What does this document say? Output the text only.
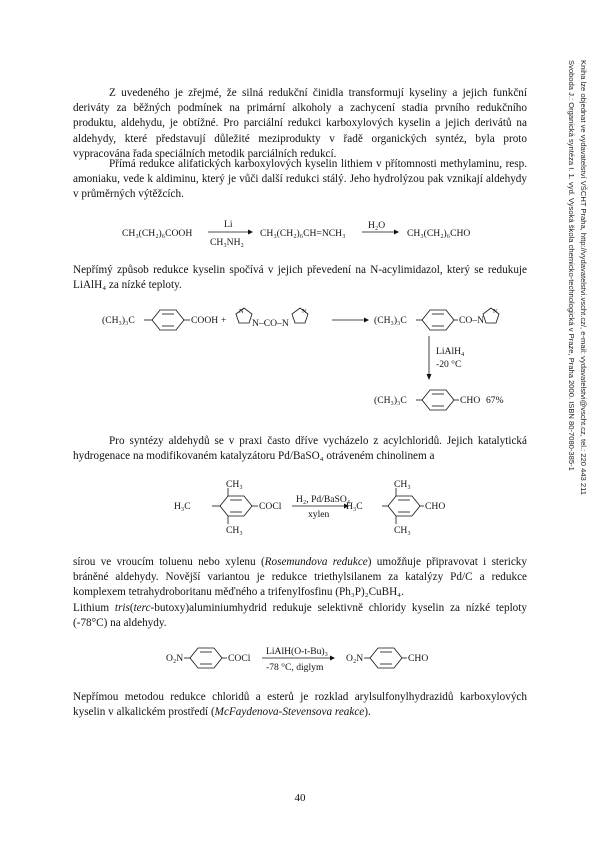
Svoboda J.: Organická syntéza I. 1. vyd. Vysoká škola chemicko-technologická v Praze, Praha 2000. ISBN 80-7080-385-1 Kniha lze objednat ve vydavatelství VŠCHT Praha, http://vydavatelstvi.vscht.cz/, e-mail: vydavatelstvi@vscht.cz, tel.: 220 443 211
Z uvedeného je zřejmé, že silná redukční činidla transformují kyseliny a jejich funkční deriváty za běžných podmínek na primární alkoholy a zachycení stadia prvního redukčního produktu, aldehydu, je obtížné. Pro parciální redukci karboxylových kyselin a jejich derivátů na aldehydy, které představují důležité meziprodukty v řadě organických syntéz, byla proto vypracována řada speciálních metodik parciálních redukcí.
Přímá redukce alifatických karboxylových kyselin lithiem v přítomnosti methylaminu, resp. amoniaku, vede k aldiminu, který je vůči další redukci stálý. Jeho hydrolýzou pak vznikají aldehydy v průměrných výtěžcích.
CH₃(CH₂)₆COOH
Li
CH₃NH₂
CH₃(CH₂)₆CH=NCH₃
H₂O
CH₃(CH₂)₆CHO
Nepřímý způsob redukce kyselin spočívá v jejich převedení na N-acylimidazol, který se redukuje LiAlH₄ za nízké teploty.
(CH₃)₃C	COOH +
N
N–CO–N
N
(CH₃)₃C	CO–N
N
LiAlH₄
-20 °C
(CH₃)₃C	CHO 67%
Pro syntézy aldehydů se v praxi často dříve vycházelo z acylchloridů. Jejich katalytická hydrogenace na modifikovaném katalyzátoru Pd/BaSO₄ otráveném chinolinem a
CH₃
H₃C	COCl
CH₃
H₂, Pd/BaSO₄
xylen
CH₃
H₃C	CHO
CH₃
sírou ve vroucím toluenu nebo xylenu (Rosemundova redukce) umožňuje připravovat i stericky bráněné aldehydy. Novější variantou je redukce triethylsilanem za katalýzy Pd/C a redukce komplexem tetrahydroboritanu měďného a trifenylfosfinu (Ph₃P)₂CuBH₄.
Lithium tris(terc-butoxy)aluminiumhydrid redukuje selektivně chloridy kyselin za nízké teploty (-78°C) na aldehydy.
O₂N	COCl
LiAlH(O-t-Bu)₃
-78 °C, diglym
O₂N	CHO
Nepřímou metodou redukce chloridů a esterů je rozklad arylsulfonylhydrazidů karboxylových kyselin v alkalickém prostředí (McFaydenova-Stevensova reakce).
40
